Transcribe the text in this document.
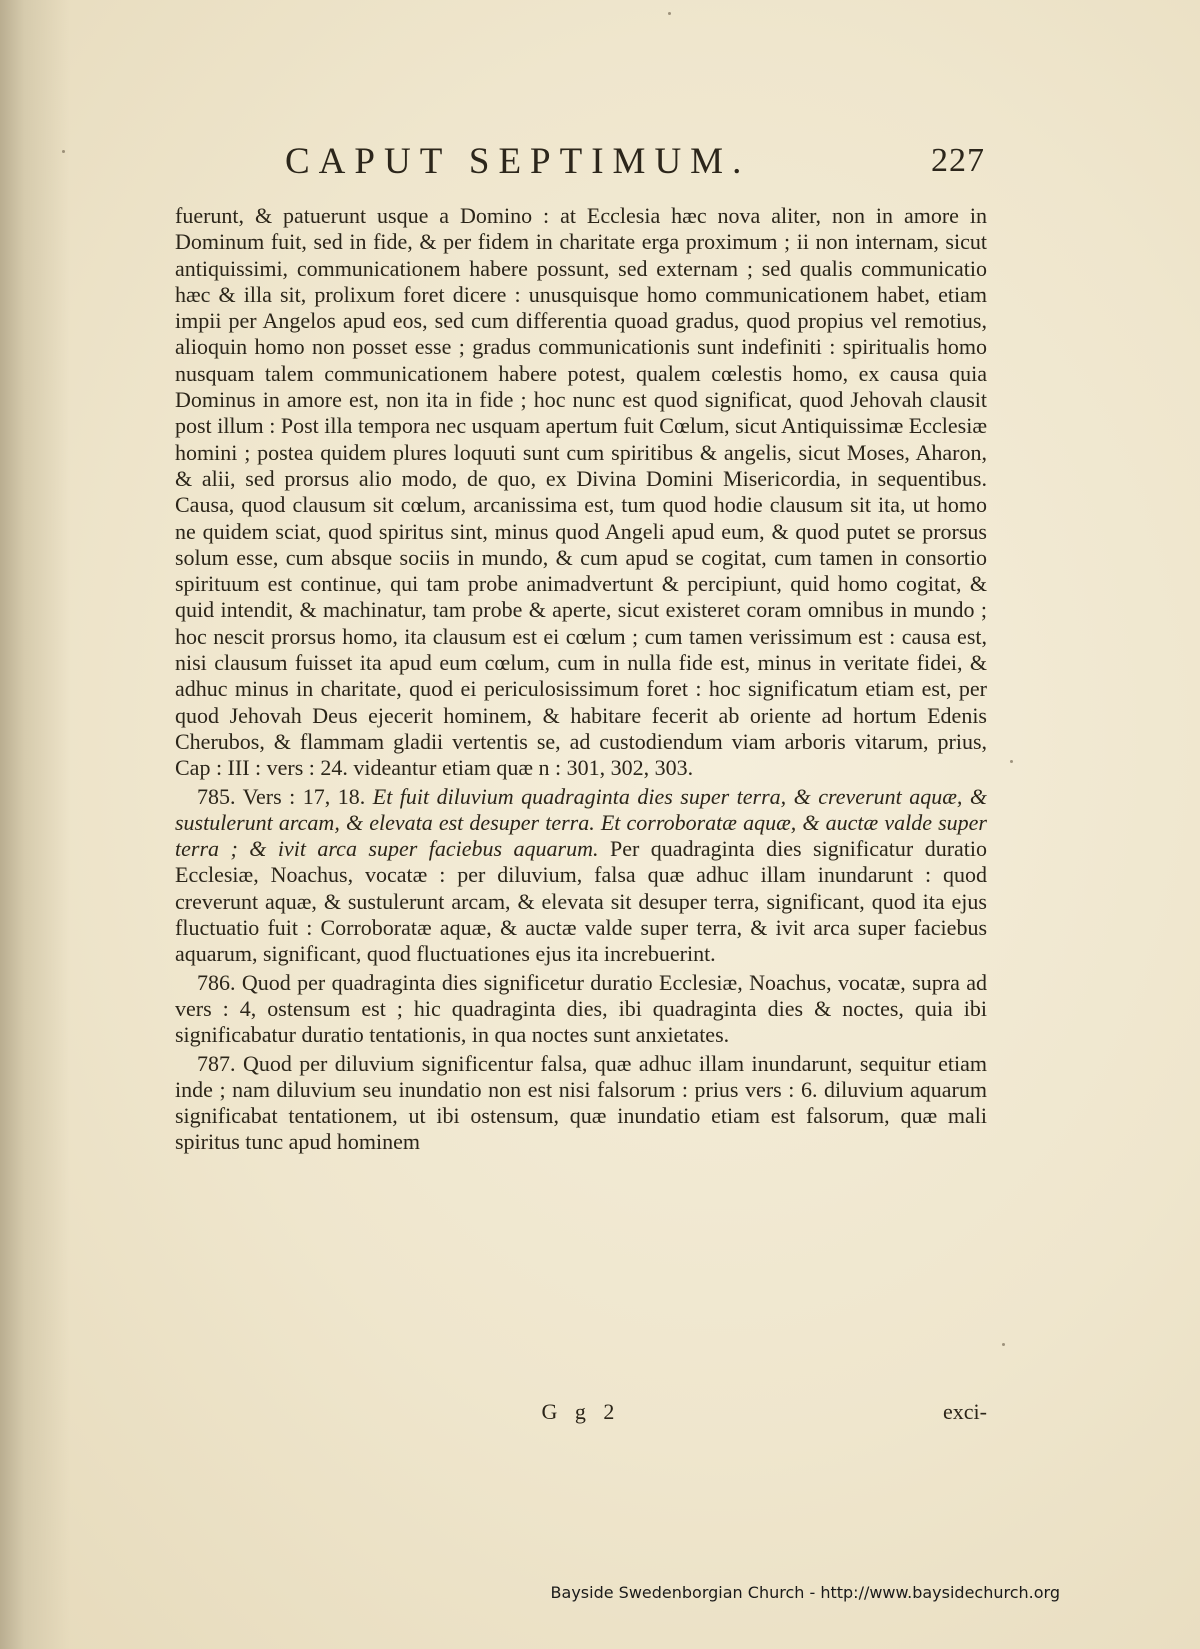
CAPUT SEPTIMUM.	227

fuerunt, & patuerunt usque a Domino : at Ecclesia hæc nova aliter, non in amore in Dominum fuit, sed in fide, & per fidem in charitate erga proximum ; ii non internam, sicut antiquissimi, communicationem habere possunt, sed externam ; sed qualis communicatio hæc & illa sit, prolixum foret dicere : unusquisque homo communicationem habet, etiam impii per Angelos apud eos, sed cum differentia quoad gradus, quod propius vel remotius, alioquin homo non posset esse ; gradus communicationis sunt indefiniti : spiritualis homo nusquam talem communicationem habere potest, qualem cœlestis homo, ex causa quia Dominus in amore est, non ita in fide ; hoc nunc est quod significat, quod Jehovah clausit post illum : Post illa tempora nec usquam apertum fuit Cœlum, sicut Antiquissimæ Ecclesiæ homini ; postea quidem plures loquuti sunt cum spiritibus & angelis, sicut Moses, Aharon, & alii, sed prorsus alio modo, de quo, ex Divina Domini Misericordia, in sequentibus. Causa, quod clausum sit cœlum, arcanissima est, tum quod hodie clausum sit ita, ut homo ne quidem sciat, quod spiritus sint, minus quod Angeli apud eum, & quod putet se prorsus solum esse, cum absque sociis in mundo, & cum apud se cogitat, cum tamen in consortio spirituum est continue, qui tam probe animadvertunt & percipiunt, quid homo cogitat, & quid intendit, & machinatur, tam probe & aperte, sicut existeret coram omnibus in mundo ; hoc nescit prorsus homo, ita clausum est ei cœlum ; cum tamen verissimum est : causa est, nisi clausum fuisset ita apud eum cœlum, cum in nulla fide est, minus in veritate fidei, & adhuc minus in charitate, quod ei periculosissimum foret : hoc significatum etiam est, per quod Jehovah Deus ejecerit hominem, & habitare fecerit ab oriente ad hortum Edenis Cherubos, & flammam gladii vertentis se, ad custodiendum viam arboris vitarum, prius, Cap : III : vers : 24. videantur etiam quæ n : 301, 302, 303.

785. Vers : 17, 18. Et fuit diluvium quadraginta dies super terra, & creverunt aquæ, & sustulerunt arcam, & elevata est desuper terra. Et corroboratæ aquæ, & auctæ valde super terra ; & ivit arca super faciebus aquarum. Per quadraginta dies significatur duratio Ecclesiæ, Noachus, vocatæ : per diluvium, falsa quæ adhuc illam inundarunt : quod creverunt aquæ, & sustulerunt arcam, & elevata sit desuper terra, significant, quod ita ejus fluctuatio fuit : Corroboratæ aquæ, & auctæ valde super terra, & ivit arca super faciebus aquarum, significant, quod fluctuationes ejus ita increbuerint.

786. Quod per quadraginta dies significetur duratio Ecclesiæ, Noachus, vocatæ, supra ad vers : 4, ostensum est ; hic quadraginta dies, ibi quadraginta dies & noctes, quia ibi significabatur duratio tentationis, in qua noctes sunt anxietates.

787. Quod per diluvium significentur falsa, quæ adhuc illam inundarunt, sequitur etiam inde ; nam diluvium seu inundatio non est nisi falsorum : prius vers : 6. diluvium aquarum significabat tentationem, ut ibi ostensum, quæ inundatio etiam est falsorum, quæ mali spiritus tunc apud hominem

G g 2	exci-
Bayside Swedenborgian Church - http://www.baysidechurch.org
